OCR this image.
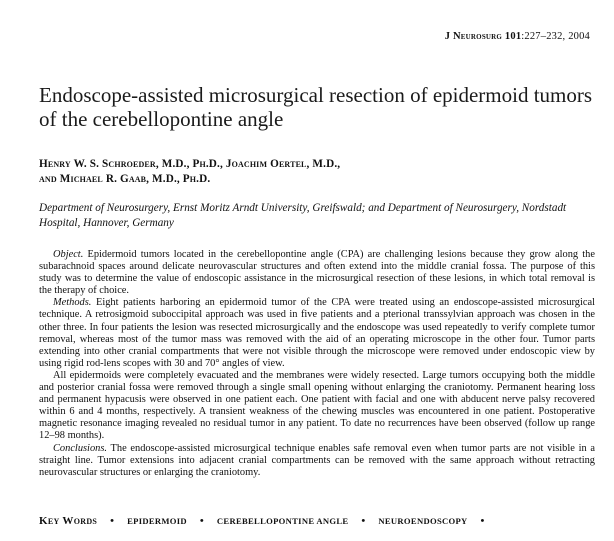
J Neurosurg 101:227–232, 2004
Endoscope-assisted microsurgical resection of epidermoid tumors of the cerebellopontine angle
Henry W. S. Schroeder, M.D., Ph.D., Joachim Oertel, M.D.,
and Michael R. Gaab, M.D., Ph.D.
Department of Neurosurgery, Ernst Moritz Arndt University, Greifswald; and Department of Neurosurgery, Nordstadt Hospital, Hannover, Germany

Object. Epidermoid tumors located in the cerebellopontine angle (CPA) are challenging lesions because they grow along the subarachnoid spaces around delicate neurovascular structures and often extend into the middle cranial fossa. The purpose of this study was to determine the value of endoscopic assistance in the microsurgical resection of these lesions, in which total removal is the therapy of choice.

Methods. Eight patients harboring an epidermoid tumor of the CPA were treated using an endoscope-assisted microsurgical technique. A retrosigmoid suboccipital approach was used in five patients and a pterional transsylvian approach was chosen in the other three. In four patients the lesion was resected microsurgically and the endoscope was used repeatedly to verify complete tumor removal, whereas most of the tumor mass was removed with the aid of an operating microscope in the other four. Tumor parts extending into other cranial compartments that were not visible through the microscope were removed under endoscopic view by using rigid rod-lens scopes with 30 and 70° angles of view.

All epidermoids were completely evacuated and the membranes were widely resected. Large tumors occupying both the middle and posterior cranial fossa were removed through a single small opening without enlarging the craniotomy. Permanent hearing loss and permanent hypacusis were observed in one patient each. One patient with facial and one with abducent nerve palsy recovered within 6 and 4 months, respectively. A transient weakness of the chewing muscles was encountered in one patient. Postoperative magnetic resonance imaging revealed no residual tumor in any patient. To date no recurrences have been observed (follow up range 12–98 months).

Conclusions. The endoscope-assisted microsurgical technique enables safe removal even when tumor parts are not visible in a straight line. Tumor extensions into adjacent cranial compartments can be removed with the same approach without retracting neurovascular structures or enlarging the craniotomy.

Key Words • EPIDERMOID • CEREBELLOPONTINE ANGLE • NEUROENDOSCOPY •
